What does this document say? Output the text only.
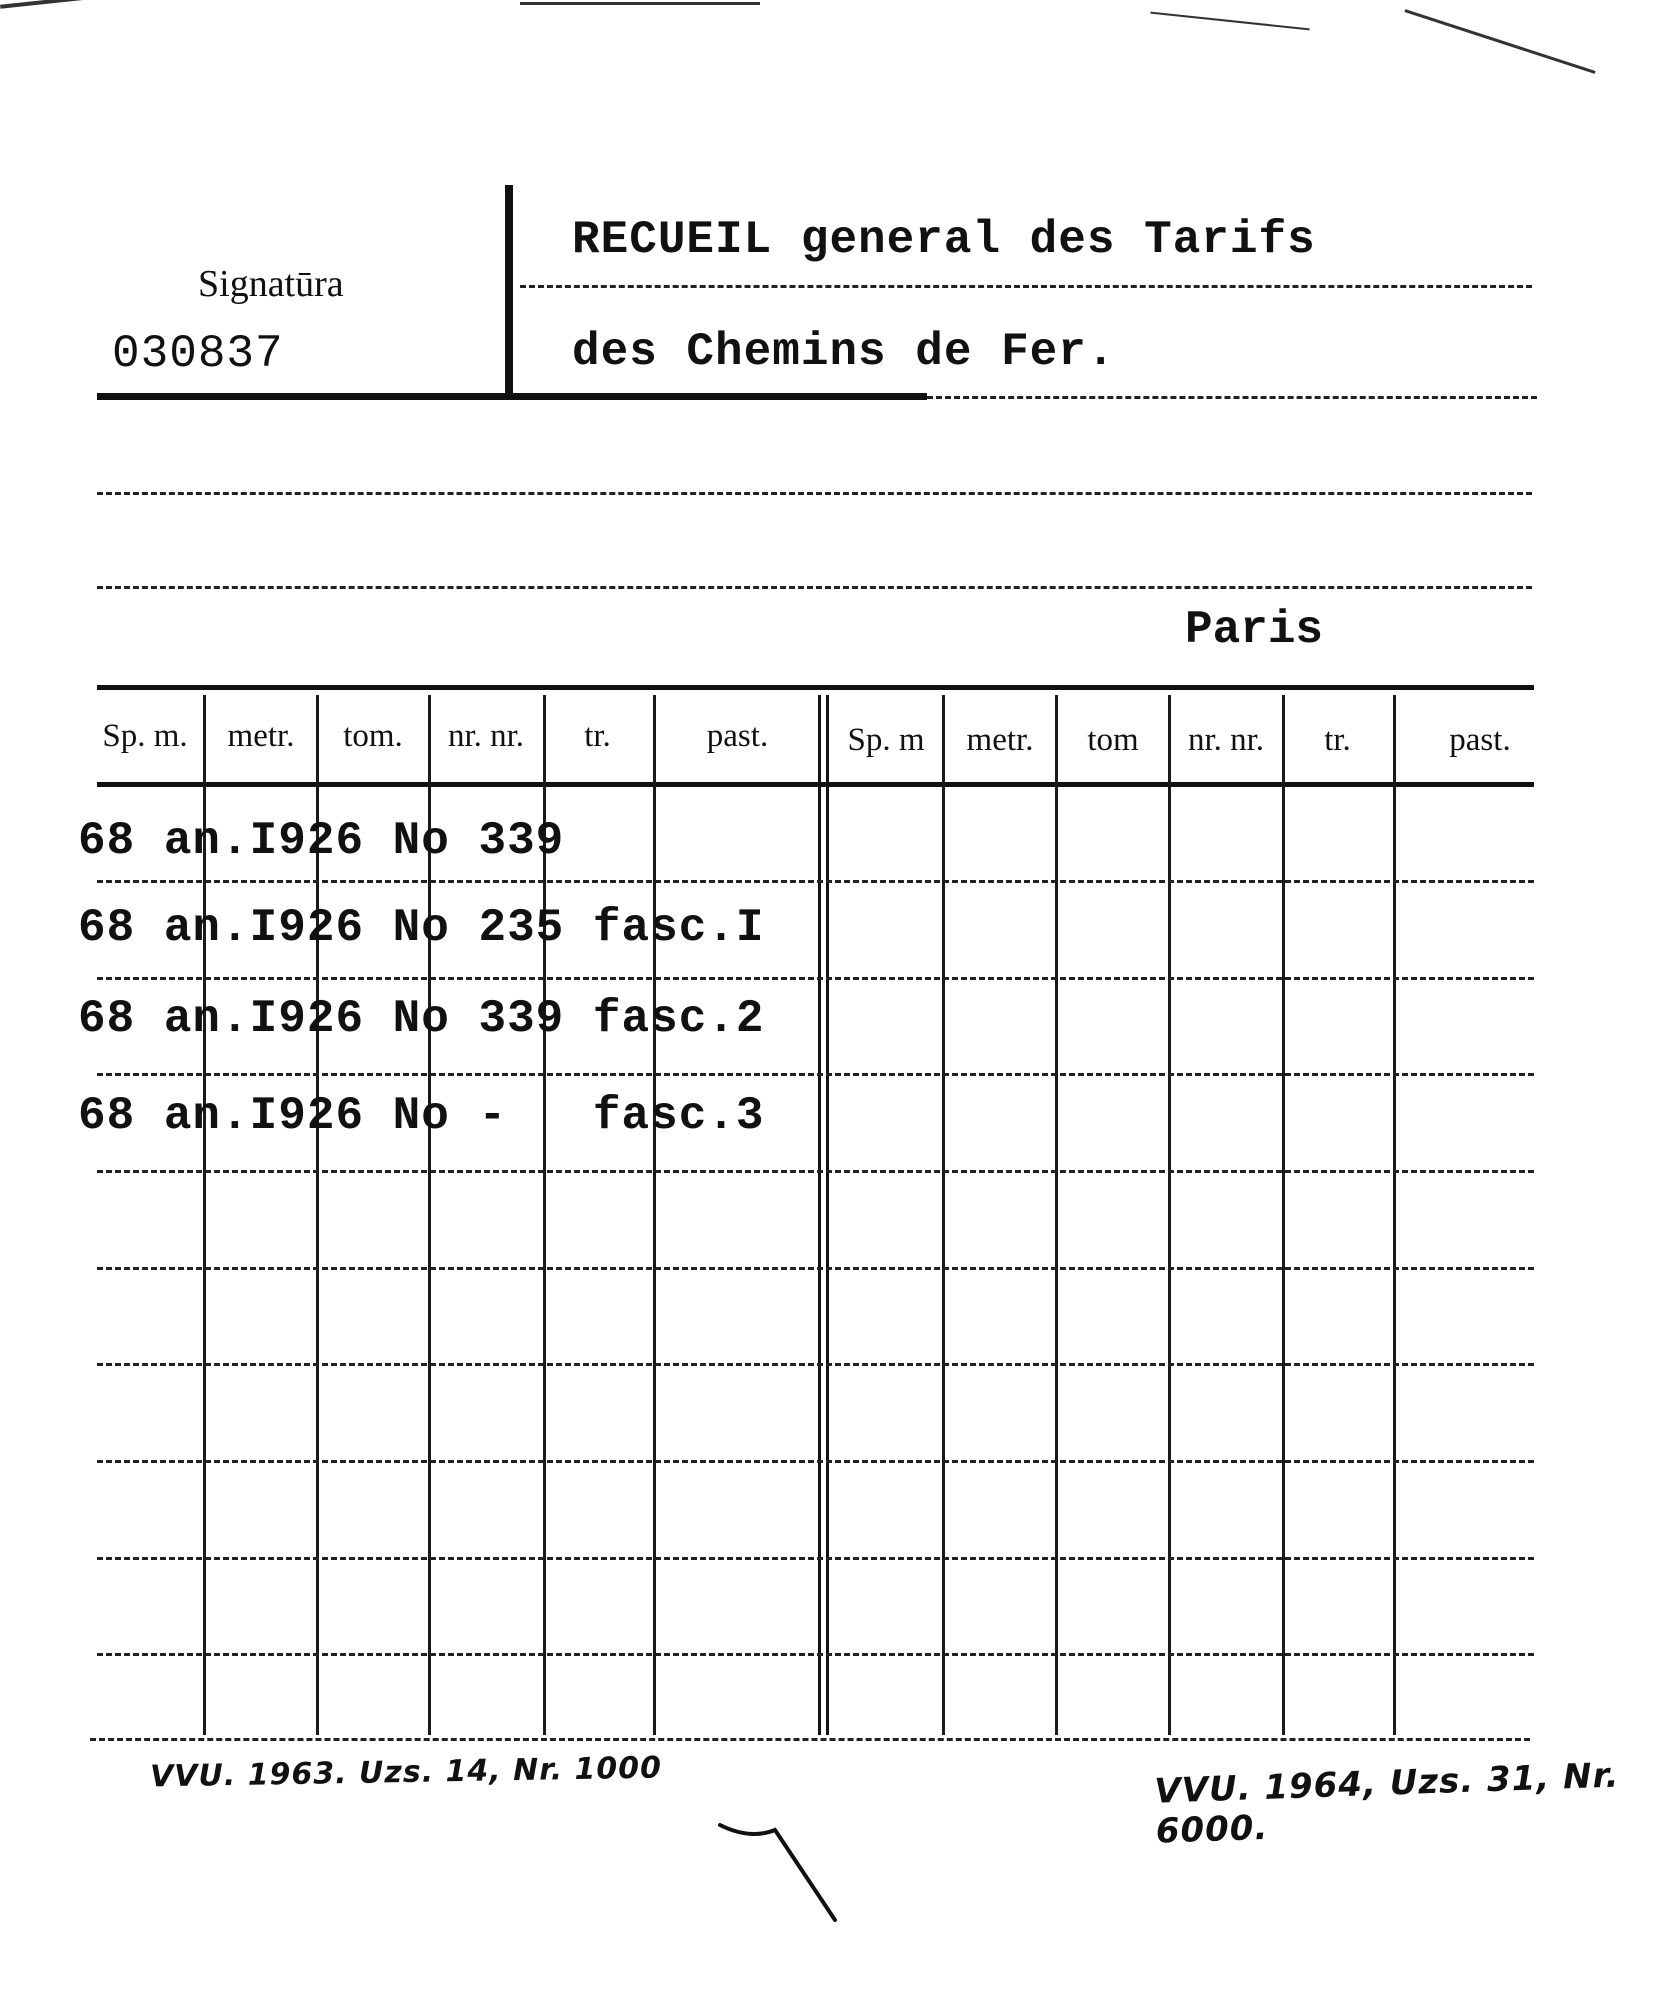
Signatūra
030837
RECUEIL general des Tarifs
des Chemins de Fer.
Paris
Sp. m.	metr.	tom.	nr. nr.	tr.	past.	Sp. m	metr.	tom	nr. nr.	tr.	past.
68 an.I926 No 339
68 an.I926 No 235 fasc.I
68 an.I926 No 339 fasc.2
68 an.I926 No -   fasc.3
VVU. 1963. Uzs. 14, Nr. 1000	VVU. 1964, Uzs. 31, Nr. 6000.
